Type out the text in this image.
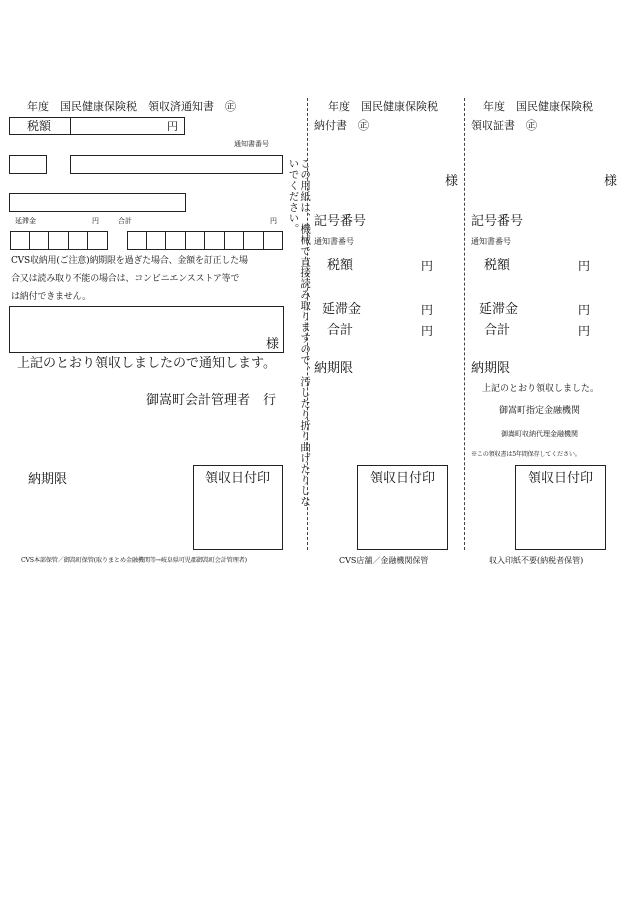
年度　国民健康保険税　領収済通知書　㊣
税額	円
通知書番号
延滞金	円	合計	円
CVS収納用(ご注意)納期限を過ぎた場合、金額を訂正した場
合又は読み取り不能の場合は、コンビニエンスストア等で
は納付できません。
様
上記のとおり領収しましたので通知します。
御嵩町会計管理者　行
納期限	領収日付印
CVS本部保管／御嵩町保管(取りまとめ金融機関等→岐阜県可児郡御嵩町会計管理者)
この用紙は、機械で直接読み取りますので、汚したり折り曲げたりしないでください。
年度　国民健康保険税
納付書　㊣
様
記号番号
通知書番号
税額	円
延滞金	円
合計	円
納期限
領収日付印
CVS店舗／金融機関保管
年度　国民健康保険税
領収証書　㊣
様
記号番号
通知書番号
税額	円
延滞金	円
合計	円
納期限
上記のとおり領収しました。
御嵩町指定金融機関
御嵩町収納代理金融機関
※この領収書は5年間保存してください。
領収日付印
収入印紙不要(納税者保管)
